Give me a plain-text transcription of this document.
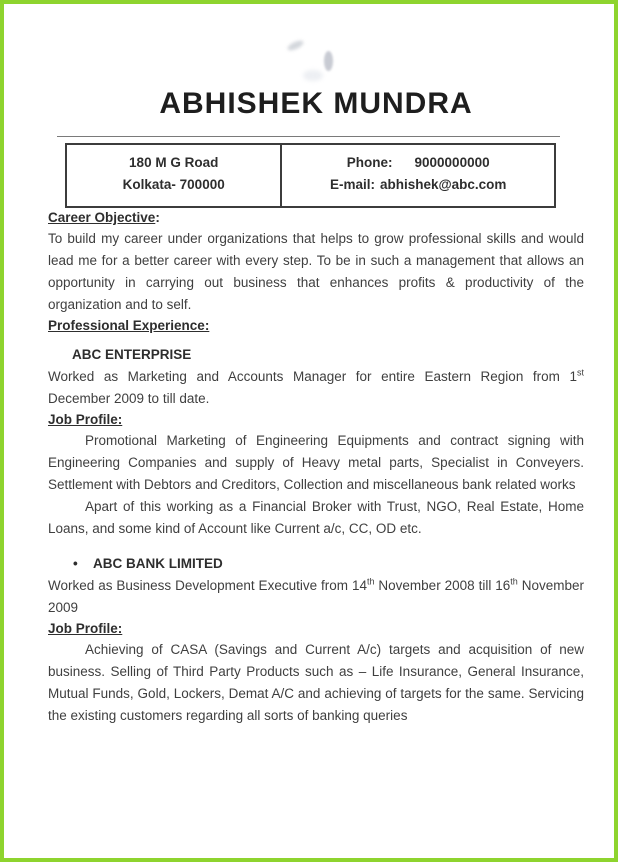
ABHISHEK MUNDRA
180 M G Road
Kolkata- 700000

Phone: 9000000000
E-mail: abhishek@abc.com
Career Objective:

To build my career under organizations that helps to grow professional skills and would lead me for a better career with every step. To be in such a management that allows an opportunity in carrying out business that enhances profits & productivity of the organization and to self.

Professional Experience:
ABC ENTERPRISE

Worked as Marketing and Accounts Manager for entire Eastern Region from 1st December 2009 to till date.

Job Profile:

Promotional Marketing of Engineering Equipments and contract signing with Engineering Companies and supply of Heavy metal parts, Specialist in Conveyers. Settlement with Debtors and Creditors, Collection and miscellaneous bank related works

Apart of this working as a Financial Broker with Trust, NGO, Real Estate, Home Loans, and some kind of Account like Current a/c, CC, OD etc.

• ABC BANK LIMITED

Worked as Business Development Executive from 14th November 2008 till 16th November 2009

Job Profile:

Achieving of CASA (Savings and Current A/c) targets and acquisition of new business. Selling of Third Party Products such as – Life Insurance, General Insurance, Mutual Funds, Gold, Lockers, Demat A/C and achieving of targets for the same. Servicing the existing customers regarding all sorts of banking queries
